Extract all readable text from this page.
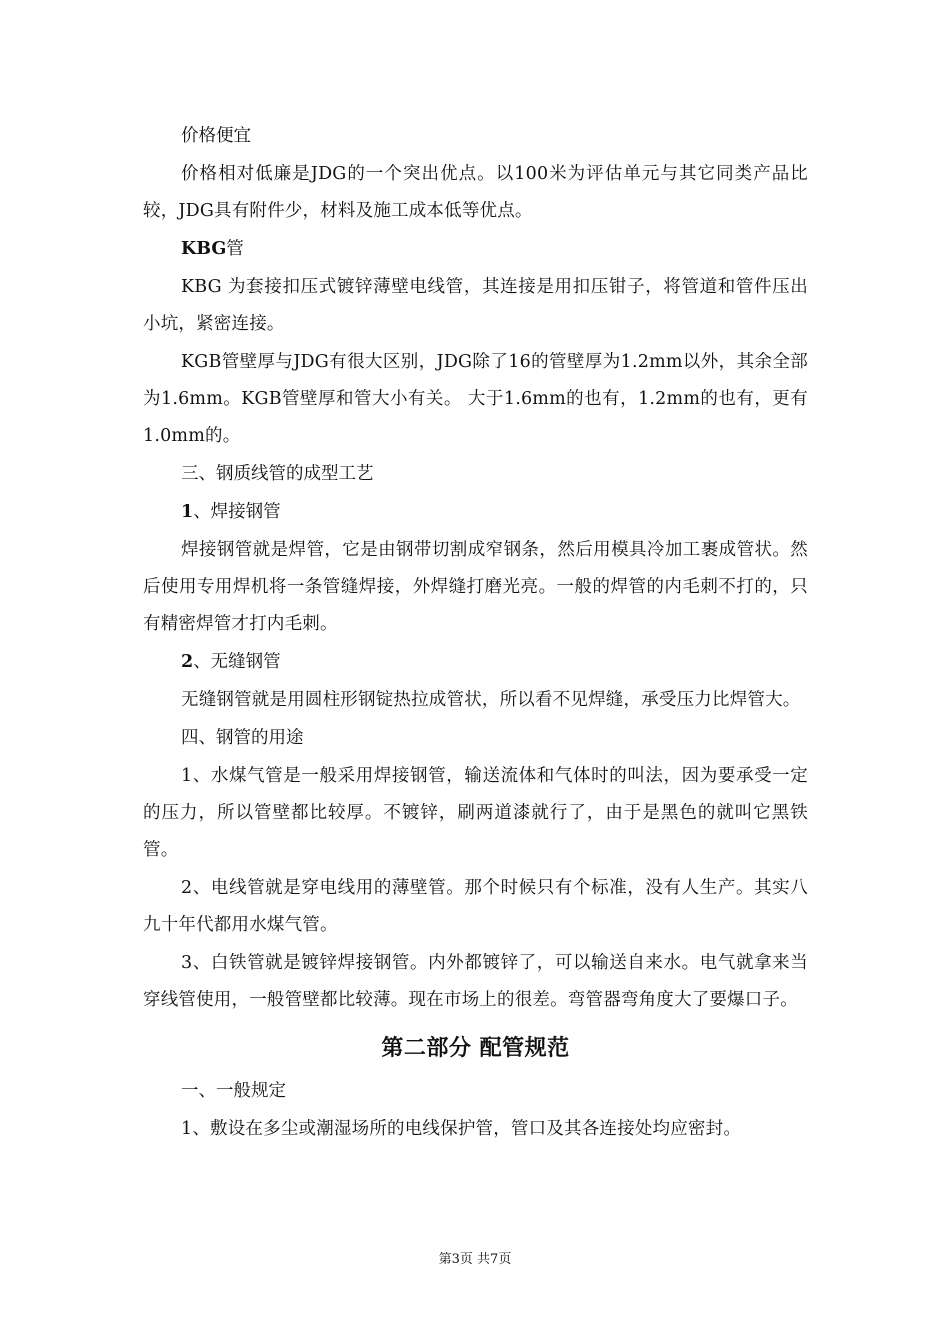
价格便宜

价格相对低廉是JDG的一个突出优点。以100米为评估单元与其它同类产品比较，JDG具有附件少，材料及施工成本低等优点。

KBG管

KBG 为套接扣压式镀锌薄壁电线管，其连接是用扣压钳子，将管道和管件压出小坑，紧密连接。

KGB管壁厚与JDG有很大区别，JDG除了16的管壁厚为1.2mm以外，其余全部为1.6mm。KGB管壁厚和管大小有关。 大于1.6mm的也有，1.2mm的也有，更有1.0mm的。

三、钢质线管的成型工艺

1、焊接钢管

焊接钢管就是焊管，它是由钢带切割成窄钢条，然后用模具冷加工裹成管状。然后使用专用焊机将一条管缝焊接，外焊缝打磨光亮。一般的焊管的内毛刺不打的，只有精密焊管才打内毛刺。

2、无缝钢管

无缝钢管就是用圆柱形钢锭热拉成管状，所以看不见焊缝，承受压力比焊管大。

四、钢管的用途

1、水煤气管是一般采用焊接钢管，输送流体和气体时的叫法，因为要承受一定的压力，所以管壁都比较厚。不镀锌，刷两道漆就行了，由于是黑色的就叫它黑铁管。

2、电线管就是穿电线用的薄壁管。那个时候只有个标准，没有人生产。其实八九十年代都用水煤气管。

3、白铁管就是镀锌焊接钢管。内外都镀锌了，可以输送自来水。电气就拿来当穿线管使用，一般管壁都比较薄。现在市场上的很差。弯管器弯角度大了要爆口子。

第二部分 配管规范

一、一般规定

1、敷设在多尘或潮湿场所的电线保护管，管口及其各连接处均应密封。

第3页 共7页
